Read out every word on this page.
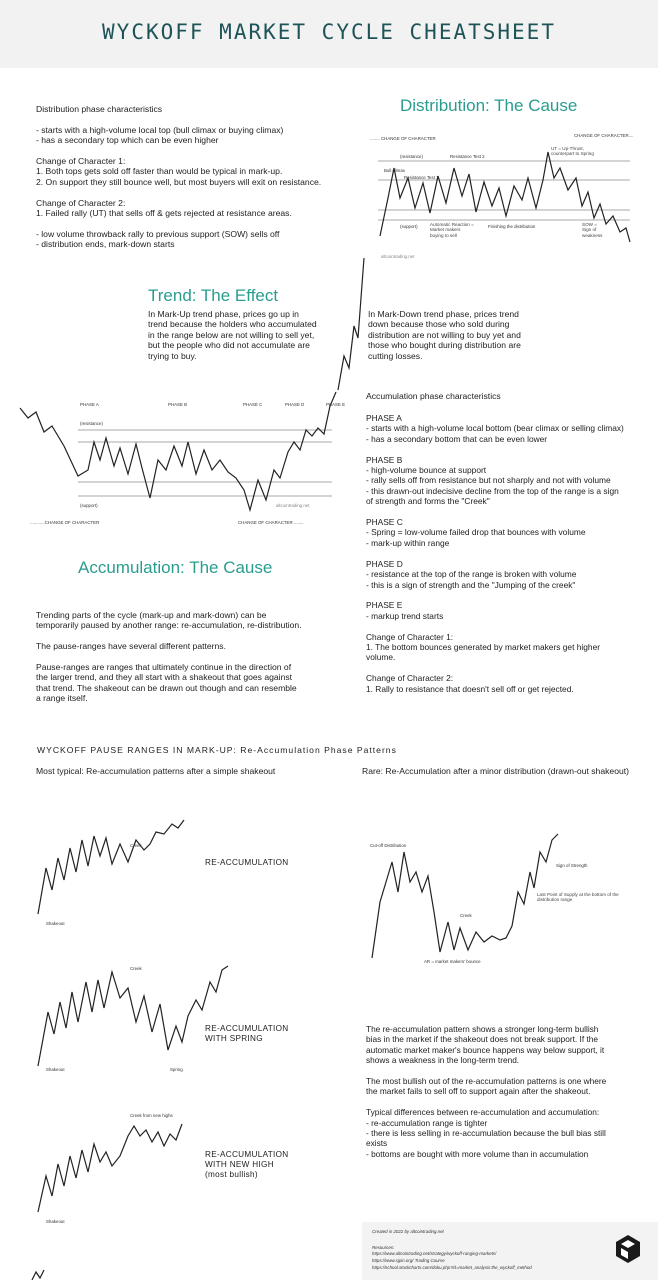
WYCKOFF MARKET CYCLE CHEATSHEET
Distribution phase characteristics

- starts with a high-volume local top (bull climax or buying climax)
- has a secondary top which can be even higher

Change of Character 1:
1. Both tops gets sold off faster than would be typical in mark-up.
2. On support they still bounce well, but most buyers will exit on resistance.

Change of Character 2:
1. Failed rally (UT) that sells off & gets rejected at resistance areas.

- low volume throwback rally to previous support (SOW) sells off
- distribution ends, mark-down starts
Distribution: The Cause
........ CHANGE OF CHARACTER
CHANGE OF CHARACTER....
(resistance)	Resistance Test 2
Bull climax
Resistance Test 1
UT = Up-Thrust,
counterpart to Spring
(support)	Automatic Reaction =
Market makers
buying to sell
Finishing the distribution	SOW =
Sign of
weakness
altcointrading.net
Trend: The Effect
In Mark-Up trend phase, prices go up in
trend because the holders who accumulated
in the range below are not willing to sell yet,
but the people who did not accumulate are
trying to buy.
In Mark-Down trend phase, prices trend
down because those who sold during
distribution are not willing to buy yet and
those who bought during distribution are
cutting losses.
PHASE A	PHASE B	PHASE C	PHASE D	PHASE E
(resistance)
(support)	altcointrading.net
............CHANGE OF CHARACTER	CHANGE OF CHARACTER ........
Accumulation phase characteristics
PHASE A
- starts with a high-volume local bottom (bear climax or selling climax)
- has a secondary bottom that can be even lower

PHASE B
- high-volume bounce at support
- rally sells off from resistance but not sharply and not with volume
- this drawn-out indecisive decline from the top of the range is a sign
of strength and forms the "Creek"

PHASE C
- Spring = low-volume failed drop that bounces with volume
- mark-up within range

PHASE D
- resistance at the top of the range is broken with volume
- this is a sign of strength and the "Jumping of the creek"

PHASE E
- markup trend starts

Change of Character 1:
1. The bottom bounces generated by market makers get higher
volume.

Change of Character 2:
1. Rally to resistance that doesn't sell off or get rejected.
Accumulation: The Cause
Trending parts of the cycle (mark-up and mark-down) can be
temporarily paused by another range: re-accumulation, re-distribution.

The pause-ranges have several different patterns.

Pause-ranges are ranges that ultimately continue in the direction of
the larger trend, and they all start with a shakeout that goes against
that trend. The shakeout can be drawn out though and can resemble
a range itself.
WYCKOFF PAUSE RANGES IN MARK-UP: Re-Accumulation Phase Patterns
Most typical: Re-accumulation patterns after a simple shakeout	Rare: Re-Accumulation after a minor distribution (drawn-out shakeout)
Creek
Shakeout
RE-ACCUMULATION
Creek
Shakeout	Spring
RE-ACCUMULATION
WITH SPRING
Creek from new highs
Shakeout
RE-ACCUMULATION
WITH NEW HIGH
(most bullish)
Cut-off Distribution
Sign of Strength
Last Point of Supply at the bottom of the
distribution range
Creek
AR = market makers' bounce
The re-accumulation pattern shows a stronger long-term bullish
bias in the market if the shakeout does not break support. If the
automatic market maker's bounce happens way below support, it
shows a weakness in the long-term trend.

The most bullish out of the re-accumulation patterns is one where
the market fails to sell off to support again after the shakeout.

Typical differences between re-accumulation and accumulation:
- re-accumulation range is tighter
- there is less selling in re-accumulation because the bull bias still
exists
- bottoms are bought with more volume than in accumulation
Created in 2022 by altcointrading.net
Resources:
https://www.altcointrading.net/strategy/wyckoff-ranging-markets/
https://www.sjpin.org/ Trading Course
https://school.stockcharts.com/doku.php?id=market_analysis:the_wyckoff_method
